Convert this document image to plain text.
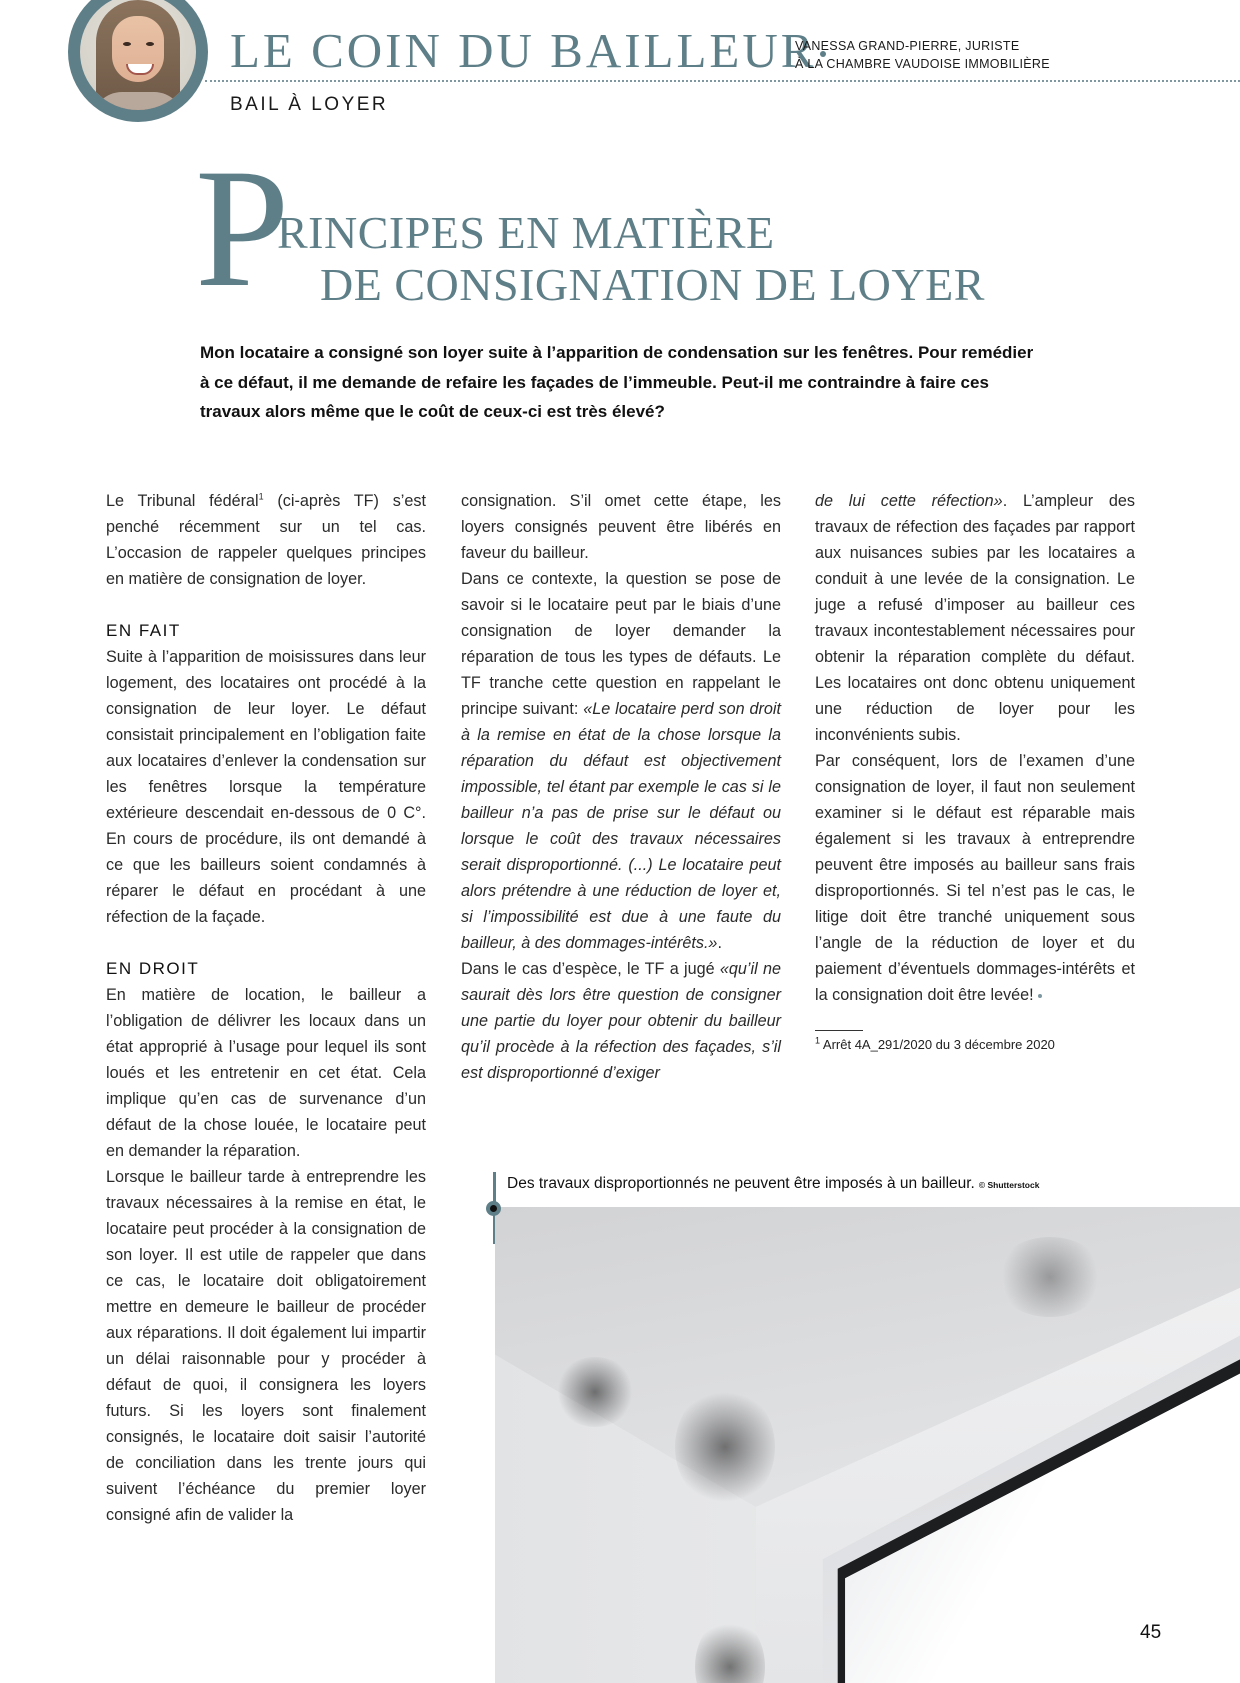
LE COIN DU BAILLEUR
VANESSA GRAND-PIERRE, JURISTE
À LA CHAMBRE VAUDOISE IMMOBILIÈRE
BAIL À LOYER
P
RINCIPES EN MATIÈRE
DE CONSIGNATION DE LOYER
Mon locataire a consigné son loyer suite à l’apparition de condensation sur les fenêtres. Pour remédier à ce défaut, il me demande de refaire les façades de l’immeuble. Peut-il me contraindre à faire ces travaux alors même que le coût de ceux-ci est très élevé?

Le Tribunal fédéral$^1$ (ci-après TF) s’est penché récemment sur un tel cas. L’occasion de rappeler quelques principes en matière de consignation de loyer.

EN FAIT

Suite à l’apparition de moisissures dans leur logement, des locataires ont procédé à la consignation de leur loyer. Le défaut consistait principalement en l’obligation faite aux locataires d’enlever la condensation sur les fenêtres lorsque la température extérieure descendait en-dessous de 0 C°. En cours de procédure, ils ont demandé à ce que les bailleurs soient condamnés à réparer le défaut en procédant à une réfection de la façade.

EN DROIT

En matière de location, le bailleur a l’obligation de délivrer les locaux dans un état approprié à l’usage pour lequel ils sont loués et les entretenir en cet état. Cela implique qu’en cas de survenance d’un défaut de la chose louée, le locataire peut en demander la réparation.

Lorsque le bailleur tarde à entreprendre les travaux nécessaires à la remise en état, le locataire peut procéder à la consignation de son loyer. Il est utile de rappeler que dans ce cas, le locataire doit obligatoirement mettre en demeure le bailleur de procéder aux réparations. Il doit également lui impartir un délai raisonnable pour y procéder à défaut de quoi, il consignera les loyers futurs. Si les loyers sont finalement consignés, le locataire doit saisir l’autorité de conciliation dans les trente jours qui suivent l’échéance du premier loyer consigné afin de valider la

consignation. S’il omet cette étape, les loyers consignés peuvent être libérés en faveur du bailleur.

Dans ce contexte, la question se pose de savoir si le locataire peut par le biais d’une consignation de loyer demander la réparation de tous les types de défauts. Le TF tranche cette question en rappelant le principe suivant: «Le locataire perd son droit à la remise en état de la chose lorsque la réparation du défaut est objectivement impossible, tel étant par exemple le cas si le bailleur n’a pas de prise sur le défaut ou lorsque le coût des travaux nécessaires serait disproportionné. (...) Le locataire peut alors prétendre à une réduction de loyer et, si l’impossibilité est due à une faute du bailleur, à des dommages-intérêts.».

Dans le cas d’espèce, le TF a jugé «qu’il ne saurait dès lors être question de consigner une partie du loyer pour obtenir du bailleur qu’il procède à la réfection des façades, s’il est disproportionné d’exiger

de lui cette réfection». L’ampleur des travaux de réfection des façades par rapport aux nuisances subies par les locataires a conduit à une levée de la consignation. Le juge a refusé d’imposer au bailleur ces travaux incontestablement nécessaires pour obtenir la réparation complète du défaut. Les locataires ont donc obtenu uniquement une réduction de loyer pour les inconvénients subis.

Par conséquent, lors de l’examen d’une consignation de loyer, il faut non seulement examiner si le défaut est réparable mais également si les travaux à entreprendre peuvent être imposés au bailleur sans frais disproportionnés. Si tel n’est pas le cas, le litige doit être tranché uniquement sous l’angle de la réduction de loyer et du paiement d’éventuels dommages-intérêts et la consignation doit être levée!

$^1$ Arrêt 4A_291/2020 du 3 décembre 2020
Des travaux disproportionnés ne peuvent être imposés à un bailleur. © Shutterstock
45
